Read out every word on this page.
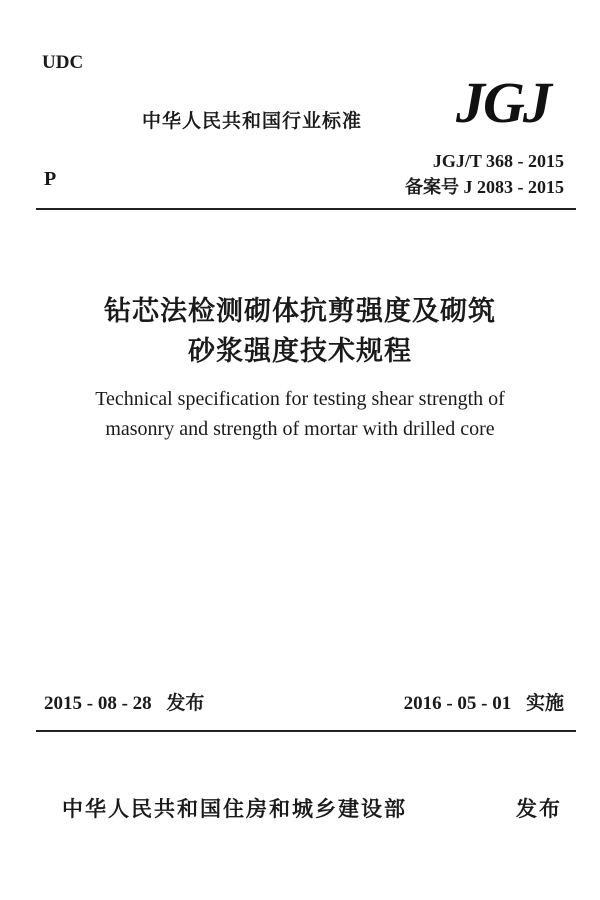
UDC
中华人民共和国行业标准 JGJ
P
JGJ/T 368 - 2015
备案号 J 2083 - 2015
钻芯法检测砌体抗剪强度及砌筑
砂浆强度技术规程
Technical specification for testing shear strength of
masonry and strength of mortar with drilled core
2015 - 08 - 28 发布	2016 - 05 - 01 实施
中华人民共和国住房和城乡建设部	发布
